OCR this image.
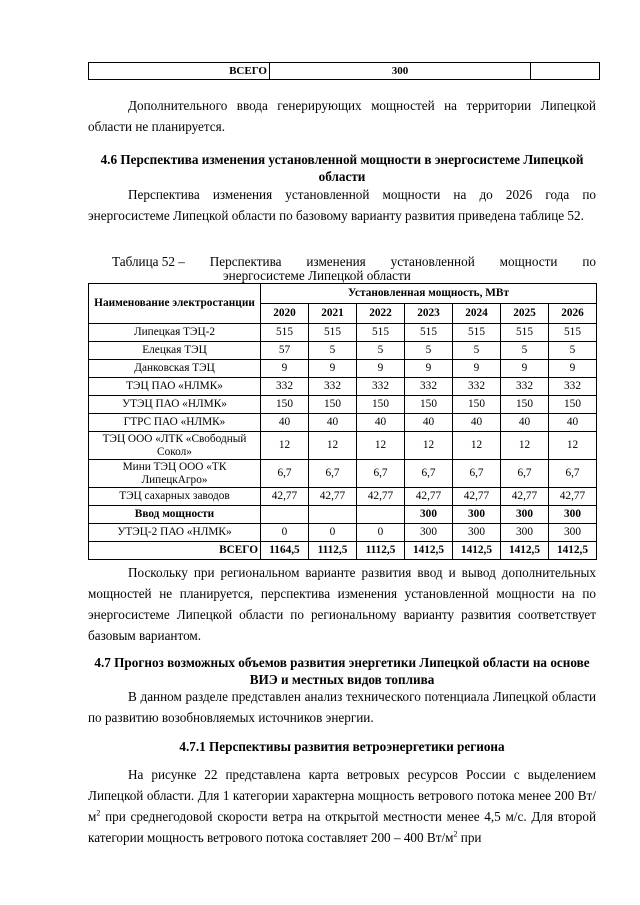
ВСЕГО	300	

Дополнительного ввода генерирующих мощностей на территории Липецкой области не планируется.

4.6 Перспектива изменения установленной мощности в энергосистеме Липецкой области

Перспектива изменения установленной мощности на до 2026 года по энергосистеме Липецкой области по базовому варианту развития приведена таблице 52.

Таблица 52 – Перспектива изменения установленной мощности по
энергосистеме Липецкой области
Наименование электростанции	Установленная мощность, МВт						
	2020	2021	2022	2023	2024	2025	2026
Липецкая ТЭЦ-2	515	515	515	515	515	515	515
Елецкая ТЭЦ	57	5	5	5	5	5	5
Данковская ТЭЦ	9	9	9	9	9	9	9
ТЭЦ ПАО «НЛМК»	332	332	332	332	332	332	332
УТЭЦ ПАО «НЛМК»	150	150	150	150	150	150	150
ГТРС ПАО «НЛМК»	40	40	40	40	40	40	40
ТЭЦ ООО «ЛТК «Свободный Сокол»	12	12	12	12	12	12	12
Мини ТЭЦ ООО «ТК ЛипецкАгро»	6,7	6,7	6,7	6,7	6,7	6,7	6,7
ТЭЦ сахарных заводов	42,77	42,77	42,77	42,77	42,77	42,77	42,77
Ввод мощности				300	300	300	300
УТЭЦ-2 ПАО «НЛМК»	0	0	0	300	300	300	300
ВСЕГО	1164,5	1112,5	1112,5	1412,5	1412,5	1412,5	1412,5

Поскольку при региональном варианте развития ввод и вывод дополнительных мощностей не планируется, перспектива изменения установленной мощности на по энергосистеме Липецкой области по региональному варианту развития соответствует базовым вариантом.

4.7 Прогноз возможных объемов развития энергетики Липецкой области на основе ВИЭ и местных видов топлива

В данном разделе представлен анализ технического потенциала Липецкой области по развитию возобновляемых источников энергии.

4.7.1 Перспективы развития ветроэнергетики региона

На рисунке 22 представлена карта ветровых ресурсов России с выделением Липецкой области. Для 1 категории характерна мощность ветрового потока менее 200 $Вт/м^2$ при среднегодовой скорости ветра на открытой местности менее 4,5 м/с. Для второй категории мощность ветрового потока составляет 200 – 400 $Вт/м^2$ при
